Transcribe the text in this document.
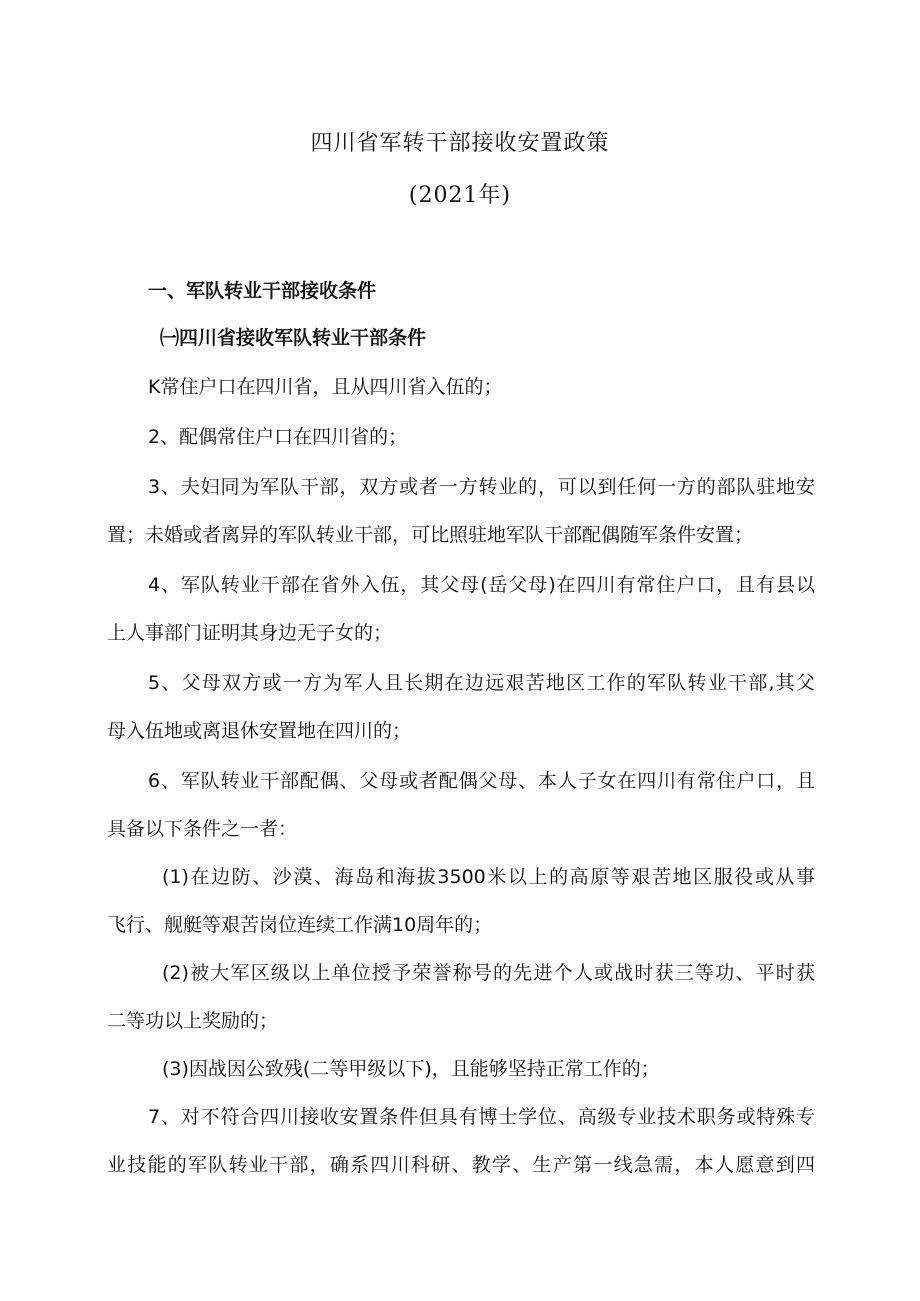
四川省军转干部接收安置政策
(2021年)
一、军队转业干部接收条件
㈠四川省接收军队转业干部条件
K常住户口在四川省，且从四川省入伍的；
2、配偶常住户口在四川省的；
3、夫妇同为军队干部，双方或者一方转业的，可以到任何一方的部队驻地安
置；未婚或者离异的军队转业干部，可比照驻地军队干部配偶随军条件安置；
4、军队转业干部在省外入伍，其父母(岳父母)在四川有常住户口，且有县以
上人事部门证明其身边无子女的；
5、父母双方或一方为军人且长期在边远艰苦地区工作的军队转业干部,其父
母入伍地或离退休安置地在四川的；
6、军队转业干部配偶、父母或者配偶父母、本人子女在四川有常住户口，且
具备以下条件之一者：
(1)在边防、沙漠、海岛和海拔3500米以上的高原等艰苦地区服役或从事
飞行、舰艇等艰苦岗位连续工作满10周年的；
(2)被大军区级以上单位授予荣誉称号的先进个人或战时获三等功、平时获
二等功以上奖励的；
(3)因战因公致残(二等甲级以下)，且能够坚持正常工作的；
7、对不符合四川接收安置条件但具有博士学位、高级专业技术职务或特殊专
业技能的军队转业干部，确系四川科研、教学、生产第一线急需，本人愿意到四
